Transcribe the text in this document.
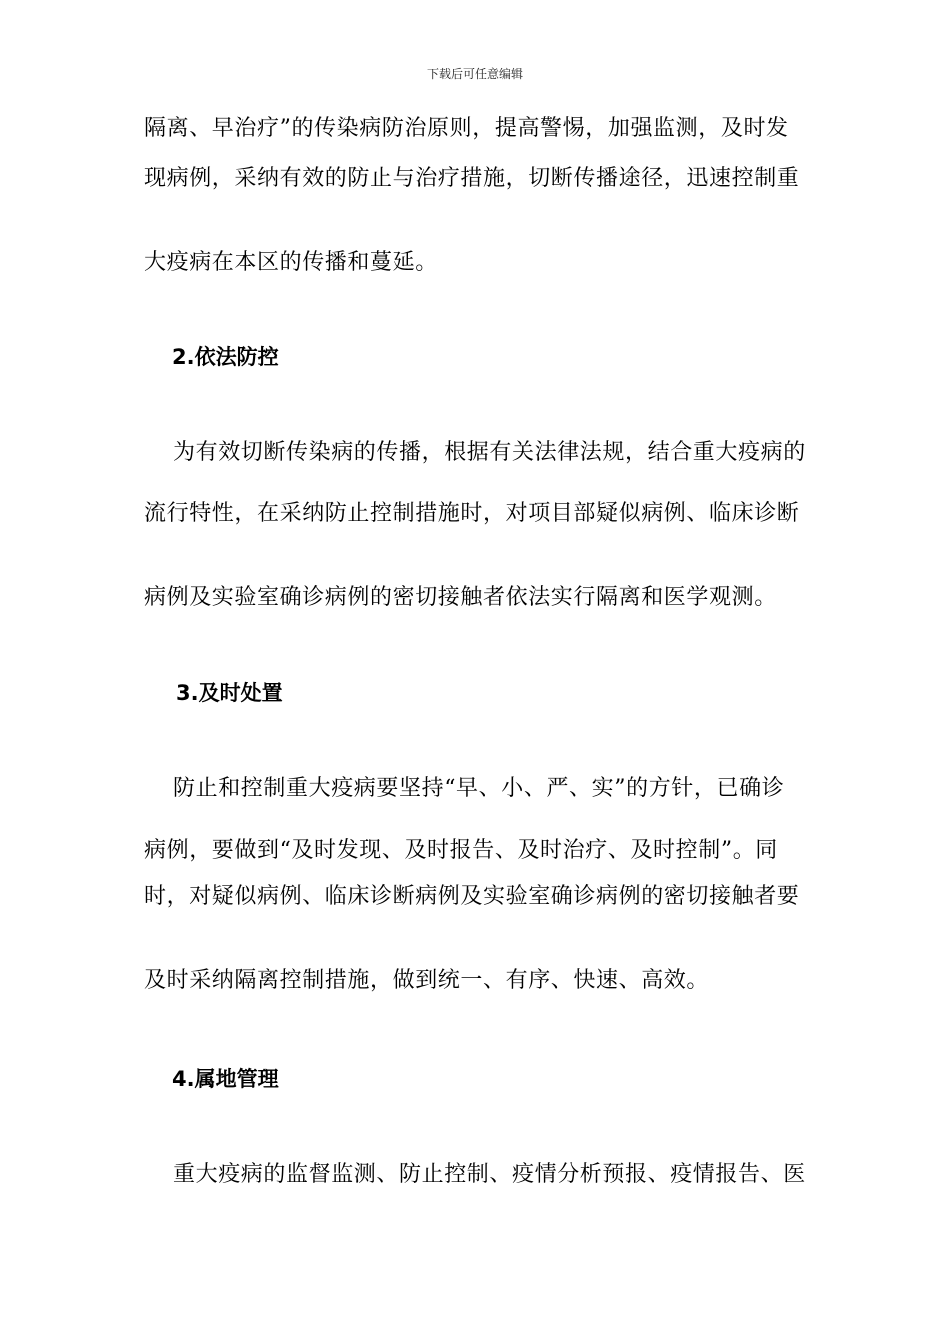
下载后可任意编辑
隔离、早治疗”的传染病防治原则，提高警惕，加强监测，及时发
现病例，采纳有效的防止与治疗措施，切断传播途径，迅速控制重
大疫病在本区的传播和蔓延。
2.依法防控
为有效切断传染病的传播，根据有关法律法规，结合重大疫病的
流行特性，在采纳防止控制措施时，对项目部疑似病例、临床诊断
病例及实验室确诊病例的密切接触者依法实行隔离和医学观测。
3.及时处置
防止和控制重大疫病要坚持“早、小、严、实”的方针，已确诊
病例，要做到“及时发现、及时报告、及时治疗、及时控制”。同
时，对疑似病例、临床诊断病例及实验室确诊病例的密切接触者要
及时采纳隔离控制措施，做到统一、有序、快速、高效。
4.属地管理
重大疫病的监督监测、防止控制、疫情分析预报、疫情报告、医
